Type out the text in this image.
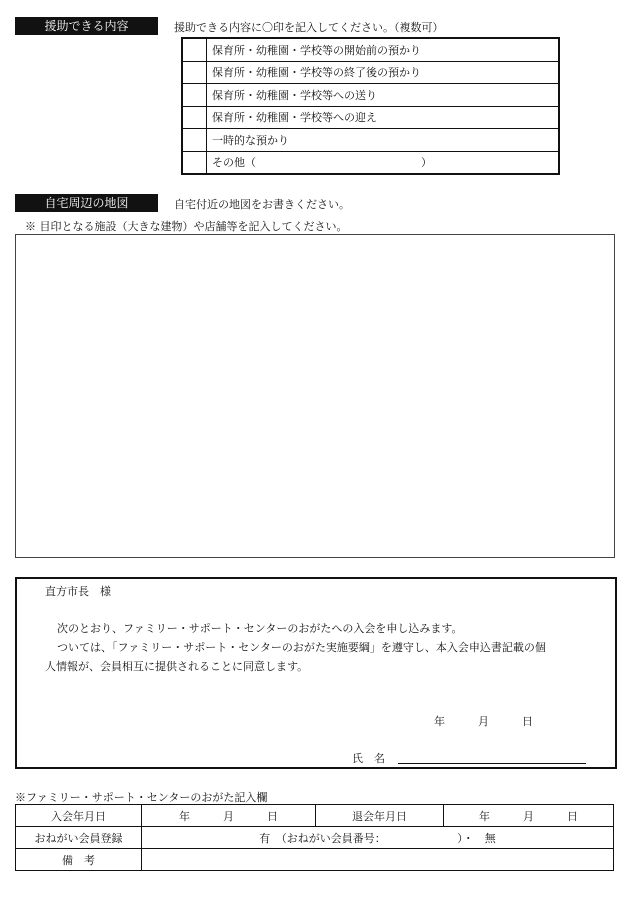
援助できる内容	援助できる内容に〇印を記入してください。（複数可）
	保育所・幼稚園・学校等の開始前の預かり
	保育所・幼稚園・学校等の終了後の預かり
	保育所・幼稚園・学校等への送り
	保育所・幼稚園・学校等への迎え
	一時的な預かり
	その他（　　　　　　　　　　　　　　　）
自宅周辺の地図	自宅付近の地図をお書きください。
※ 目印となる施設（大きな建物）や店舗等を記入してください。
直方市長　様
次のとおり、ファミリー・サポート・センターのおがたへの入会を申し込みます。
ついては、「ファミリー・サポート・センターのおがた実施要綱」を遵守し、本入会申込書記載の個
人情報が、会員相互に提供されることに同意します。
年　　　月　　　日
氏　名
※ファミリー・サポート・センターのおがた記入欄
入会年月日	年　　　月　　　日	退会年月日	年　　　月　　　日
おねがい会員登録	有　（おねがい会員番号：　　　　　　　）・　無		
備　考			
